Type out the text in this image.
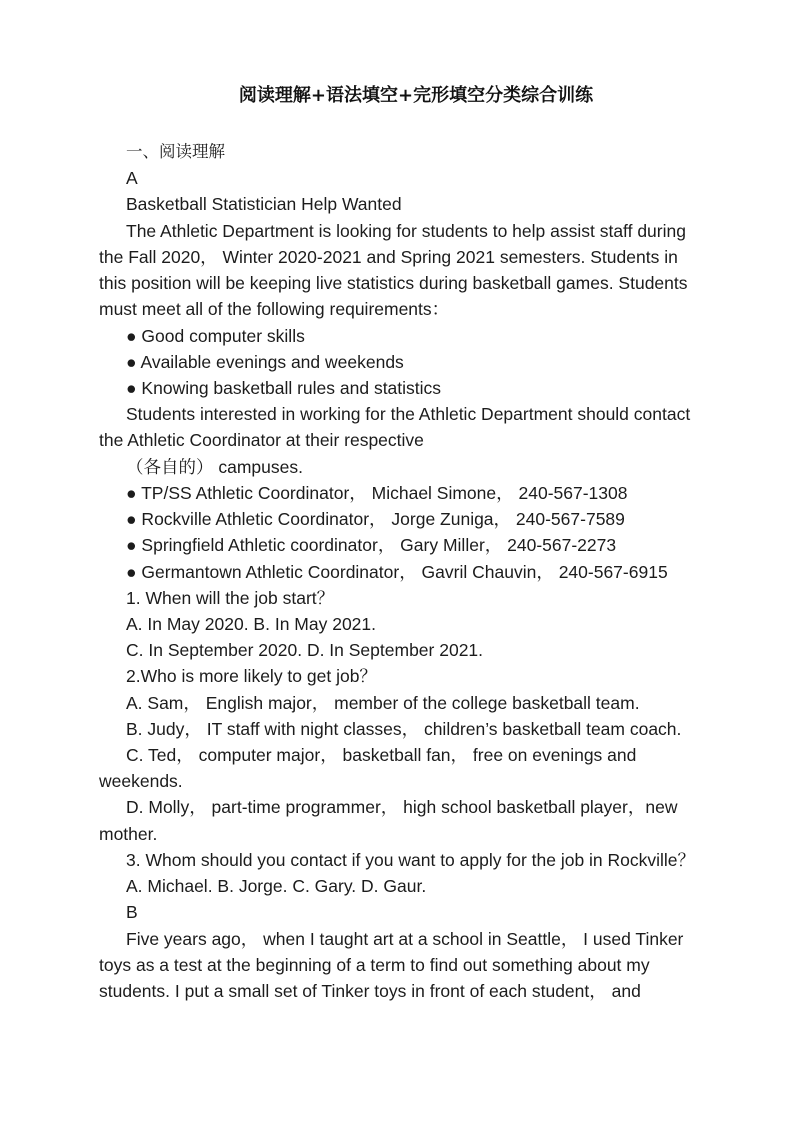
阅读理解+语法填空+完形填空分类综合训练
一、阅读理解
A
Basketball Statistician Help Wanted
The Athletic Department is looking for students to help assist staff during
the Fall 2020， Winter 2020-2021 and Spring 2021 semesters. Students in
this position will be keeping live statistics during basketball games. Students
must meet all of the following requirements：
● Good computer skills
● Available evenings and weekends
● Knowing basketball rules and statistics
Students interested in working for the Athletic Department should contact
the Athletic Coordinator at their respective
（各自的） campuses.
● TP/SS Athletic Coordinator， Michael Simone， 240-567-1308
● Rockville Athletic Coordinator， Jorge Zuniga， 240-567-7589
● Springfield Athletic coordinator， Gary Miller， 240-567-2273
● Germantown Athletic Coordinator， Gavril Chauvin， 240-567-6915
1. When will the job start？
A. In May 2020. B. In May 2021.
C. In September 2020. D. In September 2021.
2.Who is more likely to get job？
A. Sam， English major， member of the college basketball team.
B. Judy， IT staff with night classes， children’s basketball team coach.
C. Ted， computer major， basketball fan， free on evenings and
weekends.
D. Molly， part-time programmer， high school basketball player，new
mother.
3. Whom should you contact if you want to apply for the job in Rockville？
A. Michael. B. Jorge. C. Gary. D. Gaur.
B
Five years ago， when I taught art at a school in Seattle， I used Tinker
toys as a test at the beginning of a term to find out something about my
students. I put a small set of Tinker toys in front of each student， and
